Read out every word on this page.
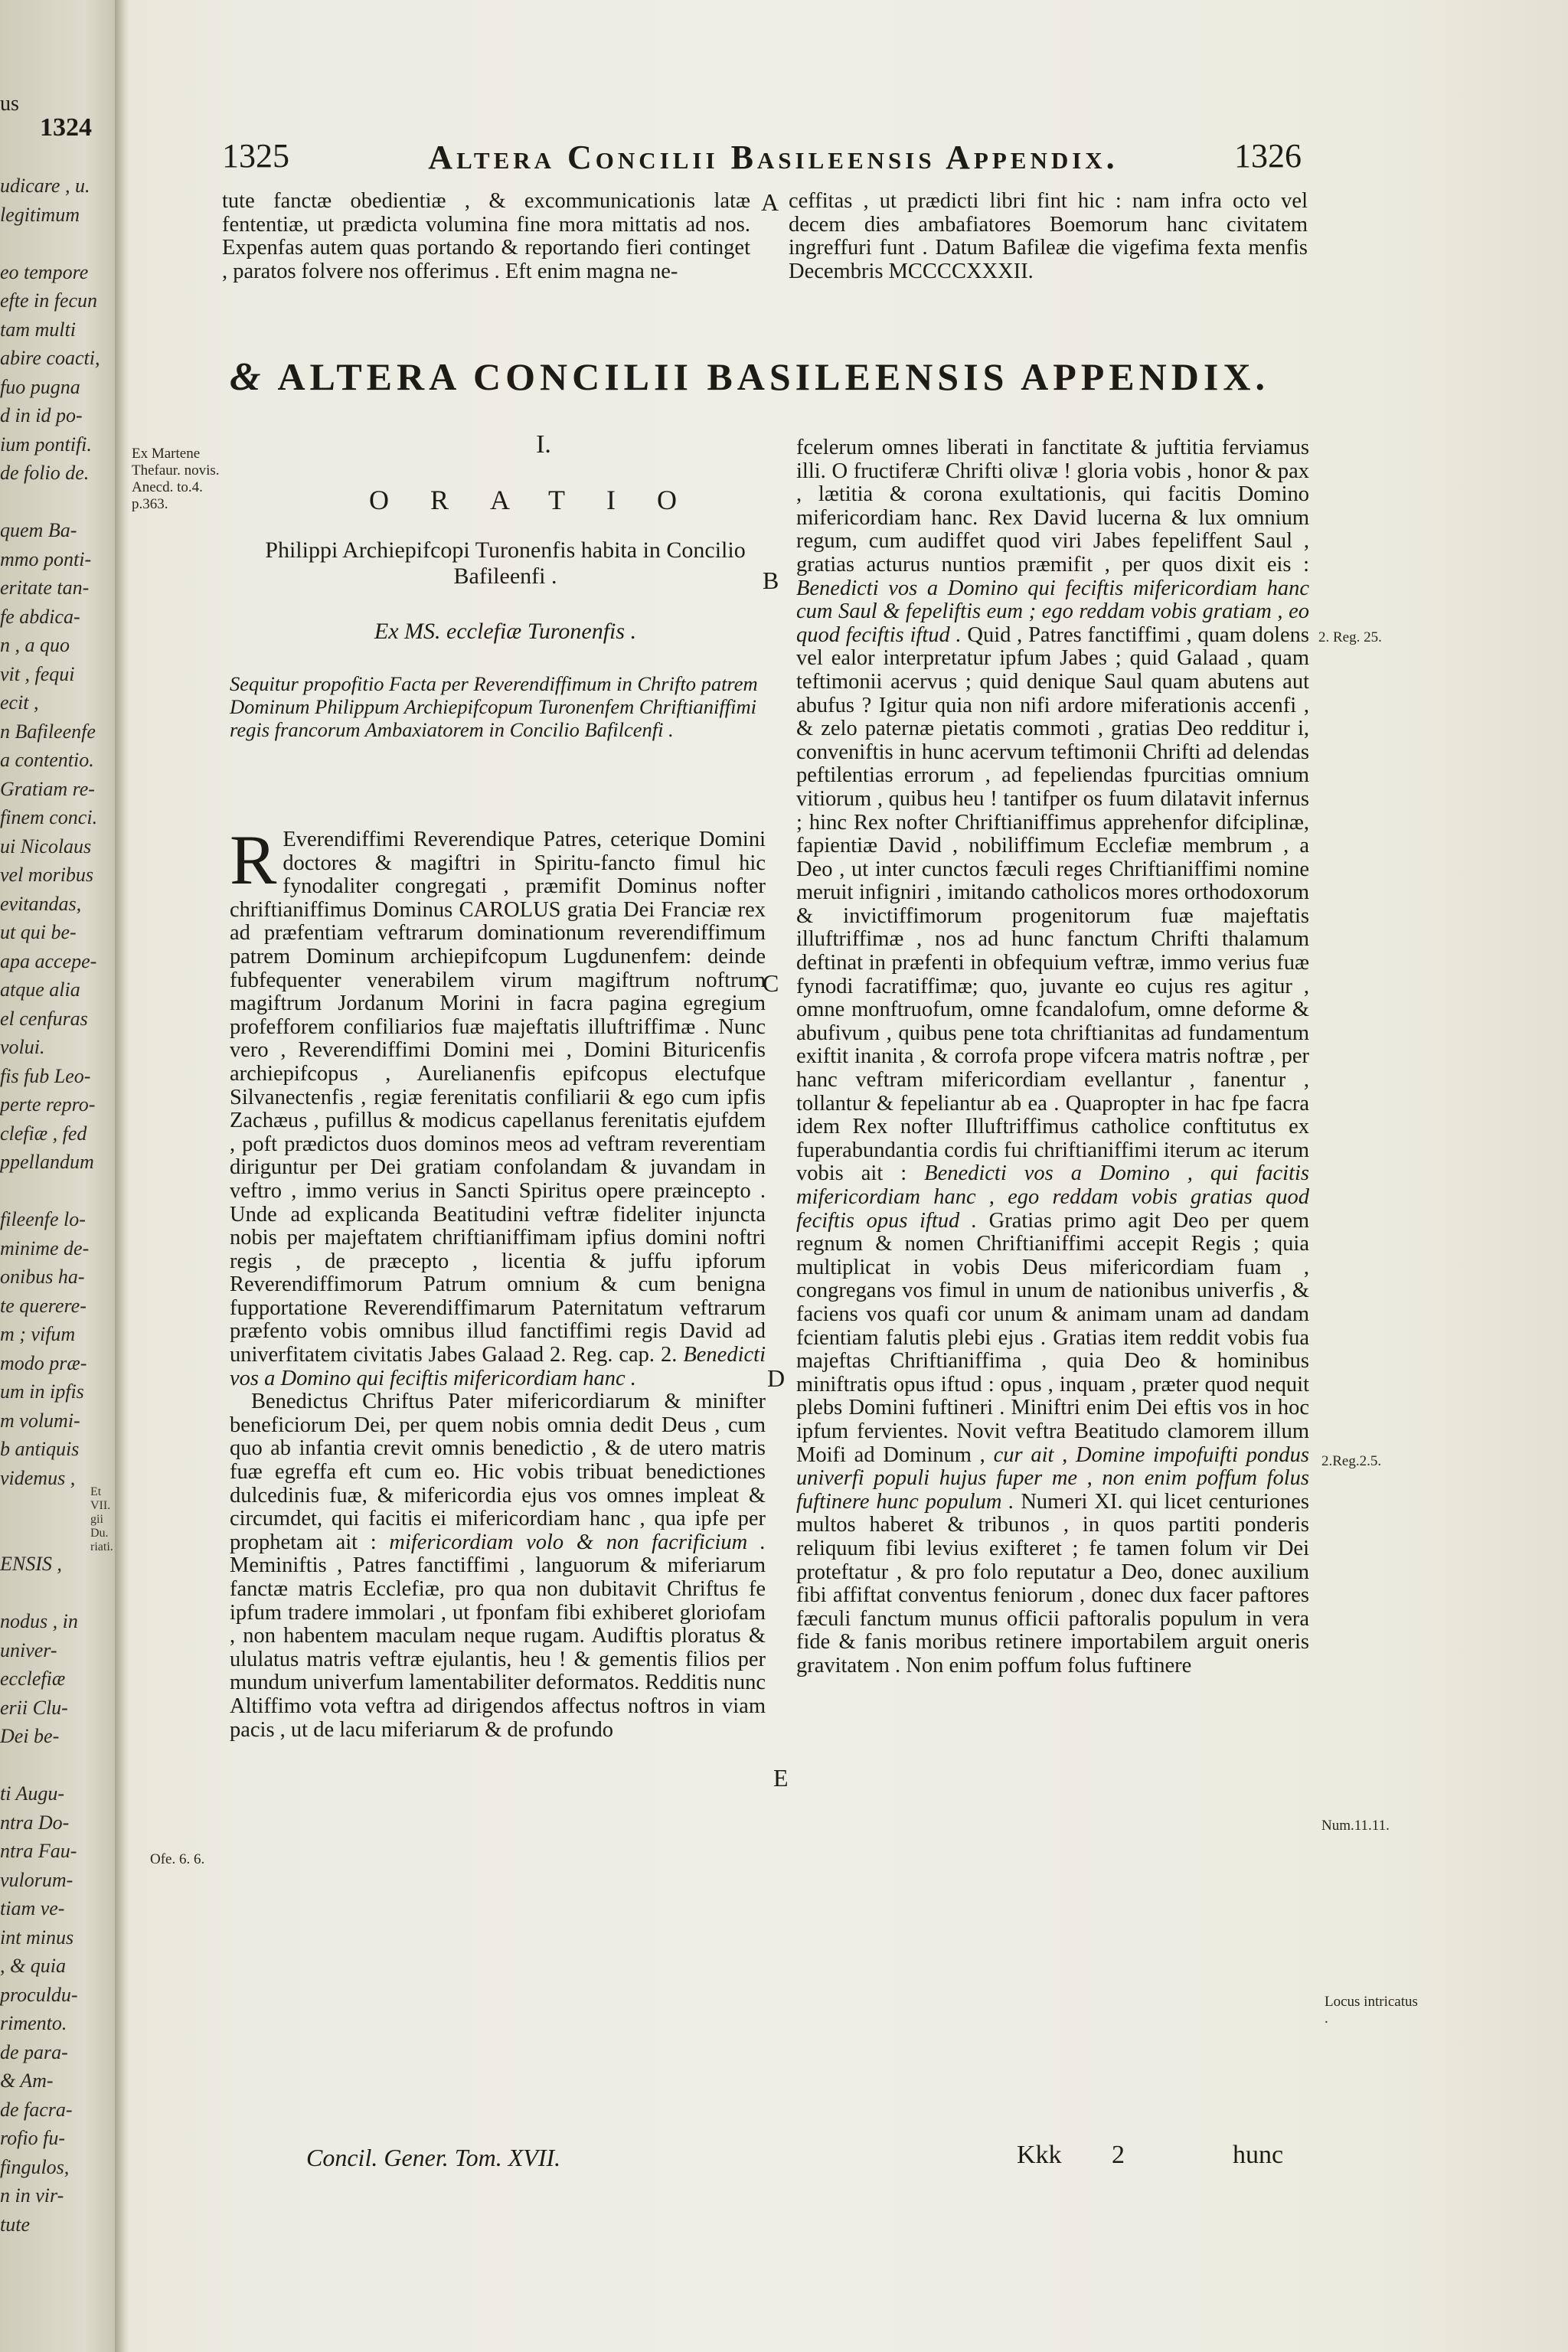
us
1324
udicare , u.
legitimum
eo tempore
efte in fecun
tam multi
abire coacti,
fuo pugna
d in id po-
ium pontifi.
de folio de.
quem Ba-
mmo ponti-
eritate tan-
fe abdica-
n , a quo
vit , fequi
ecit ,
n Bafileenfe
a contentio.
Gratiam re-
finem conci.
ui Nicolaus
vel moribus
evitandas,
ut qui be-
apa accepe-
atque alia
el cenfuras
volui.
fis fub Leo-
perte repro-
clefiæ , fed
ppellandum
fileenfe lo-
minime de-
onibus ha-
te querere-
m ; vifum
modo præ-
um in ipfis
m volumi-
b antiquis
videmus ,
ENSIS ,
nodus , in
univer-
ecclefiæ
erii Clu-
Dei be-
ti Augu-
ntra Do-
ntra Fau-
vulorum-
tiam ve-
int minus
, & quia
proculdu-
rimento.
de para-
& Am-
de facra-
rofio fu-
fingulos,
n in vir-
tute
Et VII. gii Du. riati.
1325	Altera Concilii Basileensis Appendix.	1326

tute fanctæ obedientiæ , & excommunicationis latæ fententiæ, ut prædicta volumina fine mora mittatis ad nos. Expenfas autem quas portando & reportando fieri continget , paratos folvere nos offerimus . Eft enim magna ne-

A ceffitas , ut prædicti libri fint hic : nam infra octo vel decem dies ambafiatores Boemorum hanc civitatem ingreffuri funt . Datum Bafileæ die vigefima fexta menfis Decembris MCCCCXXXII.

& ALTERA CONCILII BASILEENSIS APPENDIX.
Ex Martene Thefaur. novis. Anecd. to.4. p.363.
I.
ORATIO
Philippi Archiepifcopi Turonenfis habita in Concilio Bafileenfi .	B
Ex MS. ecclefiæ Turonenfis .
Sequitur propofitio Facta per Reverendiffimum in Chrifto patrem Dominum Philippum Archiepifcopum Turonenfem Chriftianiffimi regis francorum Ambaxiatorem in Concilio Bafilcenfi .

R Everendiffimi Reverendique Patres, ceterique Domini doctores & magiftri in Spiritu-fancto fimul hic fynodaliter congregati , præmifit Dominus nofter chriftianiffimus Dominus CAROLUS gratia Dei Franciæ rex ad præfentiam veftrarum dominationum reverendiffimum patrem Dominum archiepifcopum Lugdunenfem: deinde fubfequenter venerabilem virum magiftrum noftrum magiftrum Jordanum Morini in facra pagina egregium profefforem confiliarios fuæ majeftatis illuftriffimæ . Nunc vero , Reverendiffimi Domini mei , Domini Bituricenfis archiepifcopus , Aurelianenfis epifcopus electufque Silvanectenfis , regiæ ferenitatis confiliarii & ego cum ipfis Zachæus , pufillus & modicus capellanus ferenitatis ejufdem , poft prædictos duos dominos meos ad veftram reverentiam diriguntur per Dei gratiam confolandam & juvandam in veftro , immo verius in Sancti Spiritus opere præincepto . Unde ad explicanda Beatitudini veftræ fideliter injuncta nobis per majeftatem chriftianiffimam ipfius domini noftri regis , de præcepto , licentia & juffu ipforum Reverendiffimorum Patrum omnium & cum benigna fupportatione Reverendiffimarum Paternitatum veftrarum præfento vobis omnibus illud fanctiffimi regis David ad univerfitatem civitatis Jabes Galaad 2. Reg. cap. 2. Benedicti vos a Domino qui feciftis mifericordiam hanc .

Benedictus Chriftus Pater mifericordiarum & minifter beneficiorum Dei, per quem nobis omnia dedit Deus , cum quo ab infantia crevit omnis benedictio , & de utero matris fuæ egreffa eft cum eo. Hic vobis tribuat benedictiones dulcedinis fuæ, & mifericordia ejus vos omnes impleat & circumdet, qui facitis ei mifericordiam hanc , qua ipfe per prophetam ait : mifericordiam volo & non facrificium . Meminiftis , Patres fanctiffimi , languorum & miferiarum fanctæ matris Ecclefiæ, pro qua non dubitavit Chriftus fe ipfum tradere immolari , ut fponfam fibi exhiberet gloriofam , non habentem maculam neque rugam. Audiftis ploratus & ululatus matris veftræ ejulantis, heu ! & gementis filios per mundum univerfum lamentabiliter deformatos. Redditis nunc Altiffimo vota veftra ad dirigendos affectus noftros in viam pacis , ut de lacu miferiarum & de profundo

C
D
E
Ofe. 6. 6.

fcelerum omnes liberati in fanctitate & juftitia ferviamus illi. O fructiferæ Chrifti olivæ ! gloria vobis , honor & pax , lætitia & corona exultationis, qui facitis Domino mifericordiam hanc. Rex David lucerna & lux omnium regum, cum audiffet quod viri Jabes fepeliffent Saul , gratias acturus nuntios præmifit , per quos dixit eis : Benedicti vos a Domino qui feciftis mifericordiam hanc cum Saul & fepeliftis eum ; ego reddam vobis gratiam , eo quod feciftis iftud . Quid , Patres fanctiffimi , quam dolens vel ealor interpretatur ipfum Jabes ; quid Galaad , quam teftimonii acervus ; quid denique Saul quam abutens aut abufus ? Igitur quia non nifi ardore miferationis accenfi , & zelo paternæ pietatis commoti , gratias Deo redditur i, conveniftis in hunc acervum teftimonii Chrifti ad delendas peftilentias errorum , ad fepeliendas fpurcitias omnium vitiorum , quibus heu ! tantifper os fuum dilatavit infernus ; hinc Rex nofter Chriftianiffimus apprehenfor difciplinæ, fapientiæ David , nobiliffimum Ecclefiæ membrum , a Deo , ut inter cunctos fæculi reges Chriftianiffimi nomine meruit infigniri , imitando catholicos mores orthodoxorum & invictiffimorum progenitorum fuæ majeftatis illuftriffimæ , nos ad hunc fanctum Chrifti thalamum deftinat in præfenti in obfequium veftræ, immo verius fuæ fynodi facratiffimæ; quo, juvante eo cujus res agitur , omne monftruofum, omne fcandalofum, omne deforme & abufivum , quibus pene tota chriftianitas ad fundamentum exiftit inanita , & corrofa prope vifcera matris noftræ , per hanc veftram mifericordiam evellantur , fanentur , tollantur & fepeliantur ab ea . Quapropter in hac fpe facra idem Rex nofter Illuftriffimus catholice conftitutus ex fuperabundantia cordis fui chriftianiffimi iterum ac iterum vobis ait : Benedicti vos a Domino , qui facitis mifericordiam hanc , ego reddam vobis gratias quod feciftis opus iftud . Gratias primo agit Deo per quem regnum & nomen Chriftianiffimi accepit Regis ; quia multiplicat in vobis Deus mifericordiam fuam , congregans vos fimul in unum de nationibus univerfis , & faciens vos quafi cor unum & animam unam ad dandam fcientiam falutis plebi ejus . Gratias item reddit vobis fua majeftas Chriftianiffima , quia Deo & hominibus miniftratis opus iftud : opus , inquam , præter quod nequit plebs Domini fuftineri . Miniftri enim Dei eftis vos in hoc ipfum fervientes. Novit veftra Beatitudo clamorem illum Moifi ad Dominum , cur ait , Domine impofuifti pondus univerfi populi hujus fuper me , non enim poffum folus fuftinere hunc populum . Numeri XI. qui licet centuriones multos haberet & tribunos , in quos partiti ponderis reliquum fibi levius exifteret ; fe tamen folum vir Dei proteftatur , & pro folo reputatur a Deo, donec auxilium fibi affiftat conventus feniorum , donec dux facer paftores fæculi fanctum munus officii paftoralis populum in vera fide & fanis moribus retinere importabilem arguit oneris gravitatem . Non enim poffum folus fuftinere

2. Reg. 25.
2.Reg.2.5.
Num.11.11.
Locus intricatus .
Concil. Gener. Tom. XVII.	Kkk 2	hunc
